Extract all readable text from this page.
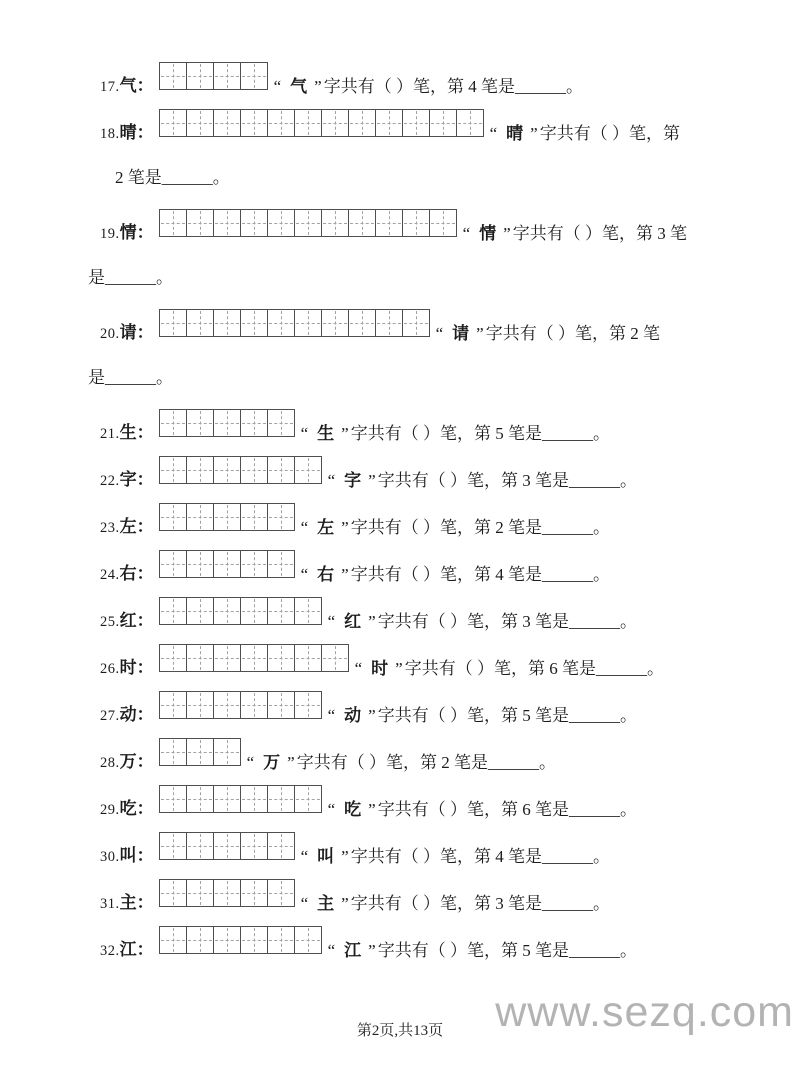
17.气：	“ 气 ”字共有（ ）笔，第 4 笔是______。
18.晴：	“ 晴 ”字共有（ ）笔，第
2 笔是______。
19.情：	“ 情 ”字共有（ ）笔，第 3 笔
是______。
20.请：	“ 请 ”字共有（ ）笔，第 2 笔
是______。
21.生：	“ 生 ”字共有（ ）笔，第 5 笔是______。
22.字：	“ 字 ”字共有（ ）笔，第 3 笔是______。
23.左：	“ 左 ”字共有（ ）笔，第 2 笔是______。
24.右：	“ 右 ”字共有（ ）笔，第 4 笔是______。
25.红：	“ 红 ”字共有（ ）笔，第 3 笔是______。
26.时：	“ 时 ”字共有（ ）笔，第 6 笔是______。
27.动：	“ 动 ”字共有（ ）笔，第 5 笔是______。
28.万：	“ 万 ”字共有（ ）笔，第 2 笔是______。
29.吃：	“ 吃 ”字共有（ ）笔，第 6 笔是______。
30.叫：	“ 叫 ”字共有（ ）笔，第 4 笔是______。
31.主：	“ 主 ”字共有（ ）笔，第 3 笔是______。
32.江：	“ 江 ”字共有（ ）笔，第 5 笔是______。
www.sezq.com
第2页,共13页
